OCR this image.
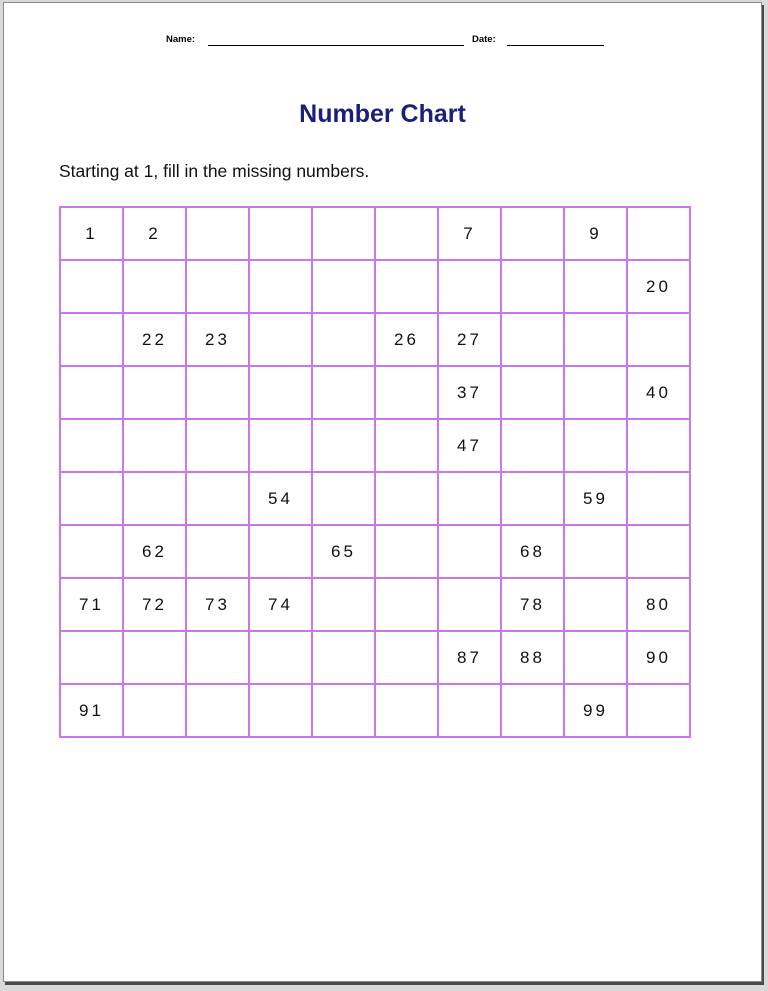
Name:	Date:
Number Chart
Starting at 1, fill in the missing numbers.
1	2					7		9	
									20
	22	23			26	27			
						37			40
						47			
			54					59	
	62			65			68		
71	72	73	74				78		80
						87	88		90
91								99	
